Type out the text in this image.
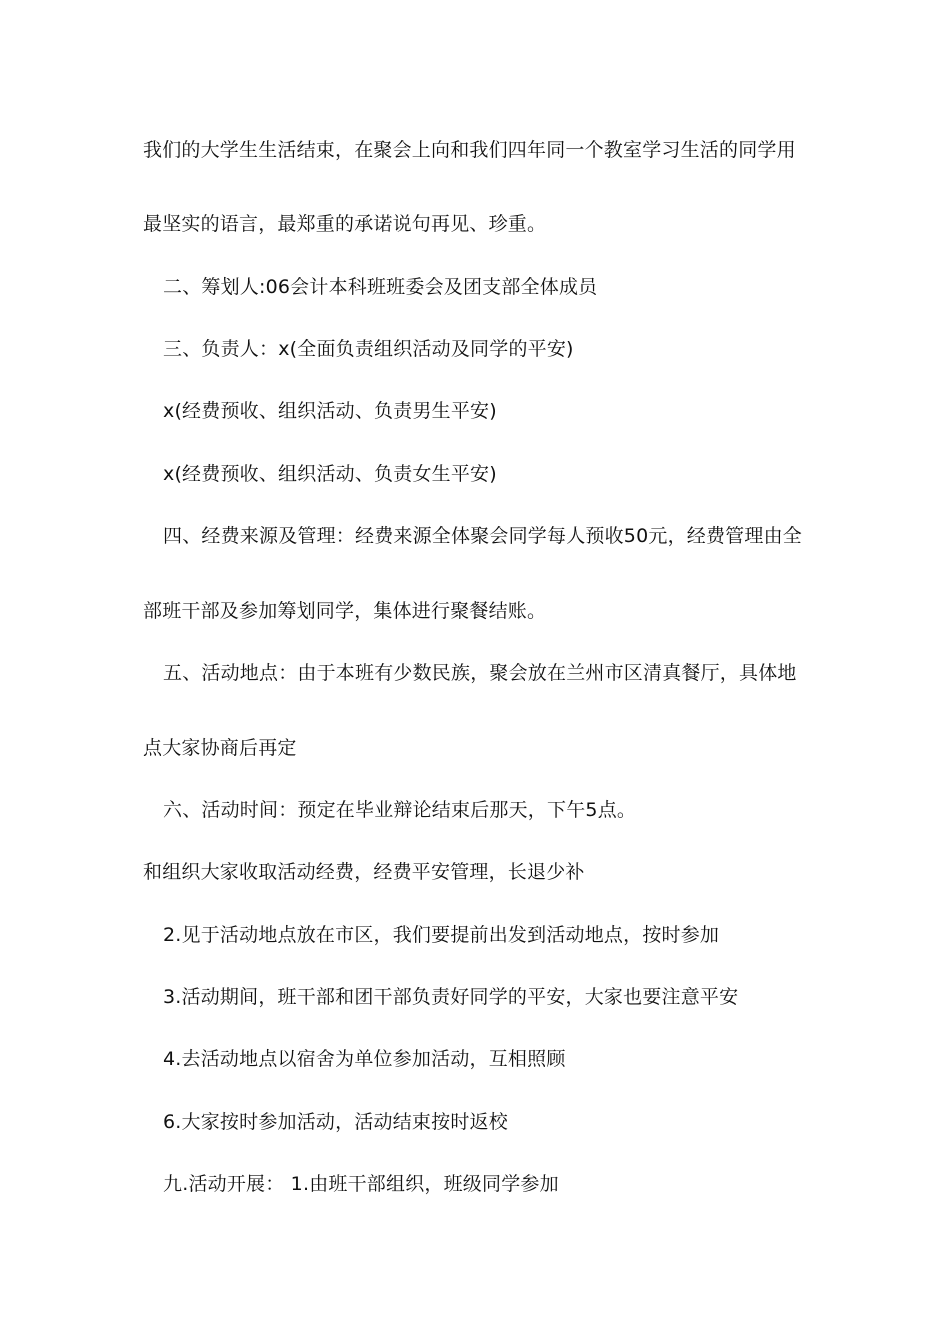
我们的大学生生活结束，在聚会上向和我们四年同一个教室学习生活的同学用
最坚实的语言，最郑重的承诺说句再见、珍重。
二、筹划人:06会计本科班班委会及团支部全体成员
三、负责人：x(全面负责组织活动及同学的平安)
x(经费预收、组织活动、负责男生平安)
x(经费预收、组织活动、负责女生平安)
四、经费来源及管理：经费来源全体聚会同学每人预收50元，经费管理由全
部班干部及参加筹划同学，集体进行聚餐结账。
五、活动地点：由于本班有少数民族，聚会放在兰州市区清真餐厅，具体地
点大家协商后再定
六、活动时间：预定在毕业辩论结束后那天，下午5点。
和组织大家收取活动经费，经费平安管理，长退少补
2.见于活动地点放在市区，我们要提前出发到活动地点，按时参加
3.活动期间，班干部和团干部负责好同学的平安，大家也要注意平安
4.去活动地点以宿舍为单位参加活动，互相照顾
6.大家按时参加活动，活动结束按时返校
九.活动开展： 1.由班干部组织，班级同学参加
